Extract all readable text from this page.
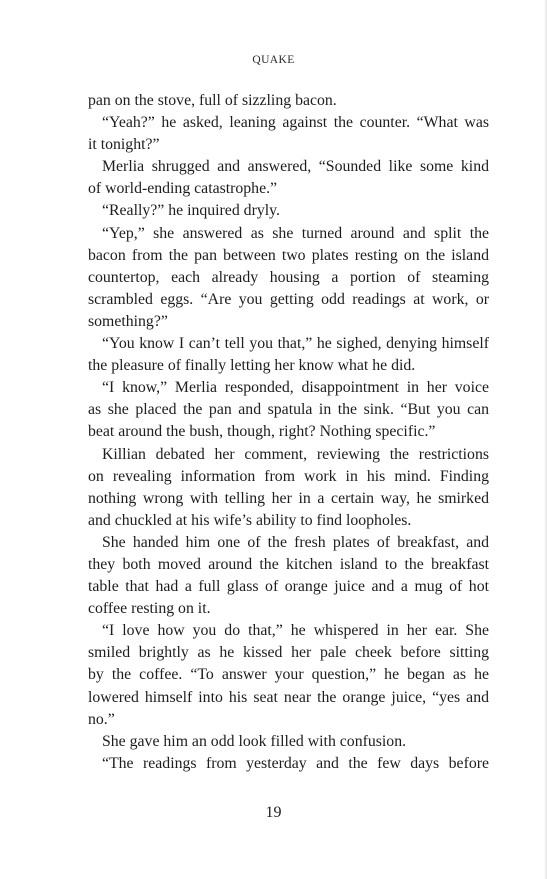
QUAKE
pan on the stove, full of sizzling bacon.
“Yeah?” he asked, leaning against the counter. “What was
it tonight?”
Merlia shrugged and answered, “Sounded like some kind
of world-ending catastrophe.”
“Really?” he inquired dryly.
“Yep,” she answered as she turned around and split the
bacon from the pan between two plates resting on the island
countertop, each already housing a portion of steaming
scrambled eggs. “Are you getting odd readings at work, or
something?”
“You know I can’t tell you that,” he sighed, denying himself
the pleasure of finally letting her know what he did.
“I know,” Merlia responded, disappointment in her voice
as she placed the pan and spatula in the sink. “But you can
beat around the bush, though, right? Nothing specific.”
Killian debated her comment, reviewing the restrictions
on revealing information from work in his mind. Finding
nothing wrong with telling her in a certain way, he smirked
and chuckled at his wife’s ability to find loopholes.
She handed him one of the fresh plates of breakfast, and
they both moved around the kitchen island to the breakfast
table that had a full glass of orange juice and a mug of hot
coffee resting on it.
“I love how you do that,” he whispered in her ear. She
smiled brightly as he kissed her pale cheek before sitting
by the coffee. “To answer your question,” he began as he
lowered himself into his seat near the orange juice, “yes and
no.”
She gave him an odd look filled with confusion.
“The readings from yesterday and the few days before
19
